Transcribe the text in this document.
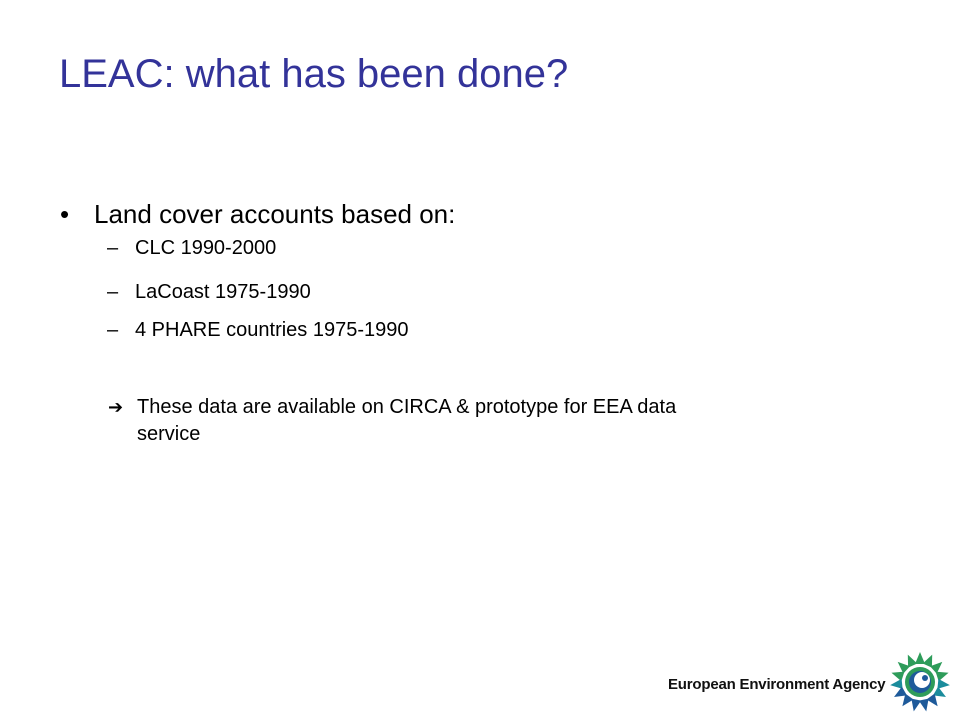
LEAC: what has been done?
• Land cover accounts based on:
– CLC 1990-2000
– LaCoast 1975-1990
– 4 PHARE countries 1975-1990
➔ These data are available on CIRCA & prototype for EEA data
service
European Environment Agency
